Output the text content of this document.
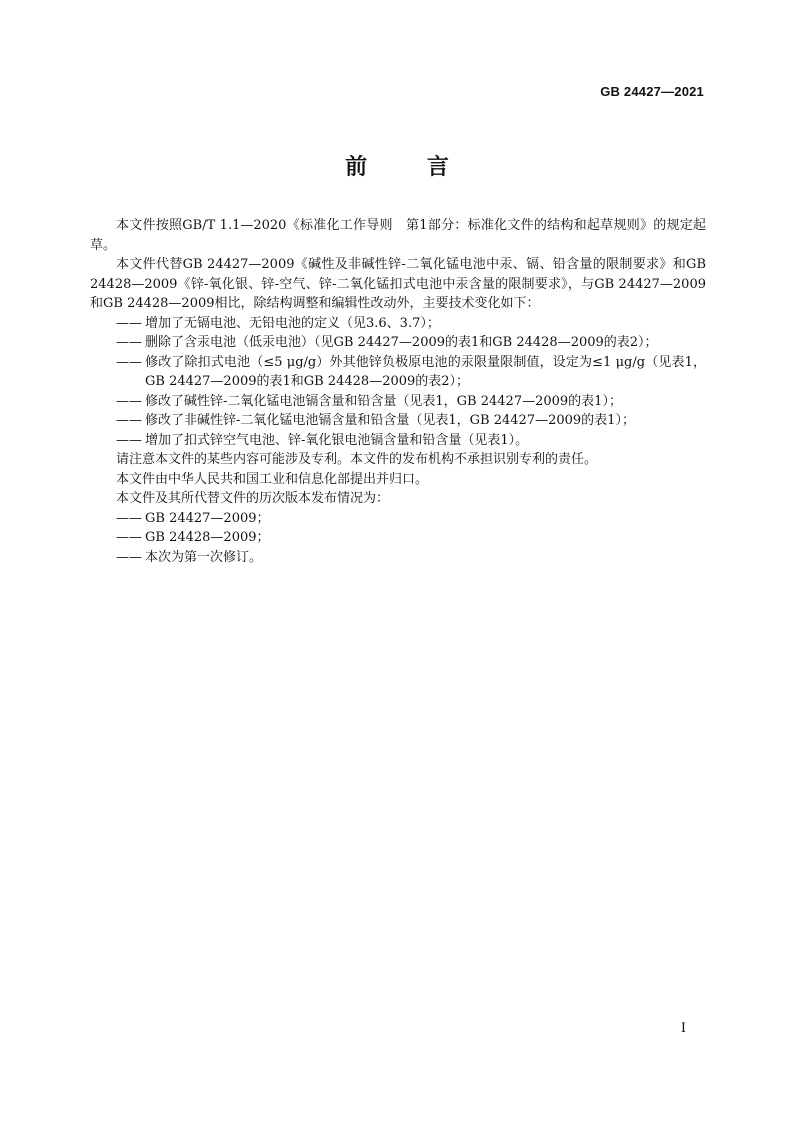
GB 24427—2021
前 言

本文件按照GB/T 1.1—2020《标准化工作导则　第1部分：标准化文件的结构和起草规则》的规定起草。

本文件代替GB 24427—2009《碱性及非碱性锌-二氧化锰电池中汞、镉、铅含量的限制要求》和GB 24428—2009《锌-氧化银、锌-空气、锌-二氧化锰扣式电池中汞含量的限制要求》，与GB 24427—2009和GB 24428—2009相比，除结构调整和编辑性改动外，主要技术变化如下：

—— 增加了无镉电池、无铅电池的定义（见3.6、3.7）；

—— 删除了含汞电池（低汞电池）（见GB 24427—2009的表1和GB 24428—2009的表2）；

—— 修改了除扣式电池（≤5 μg/g）外其他锌负极原电池的汞限量限制值，设定为≤1 μg/g（见表1，GB 24427—2009的表1和GB 24428—2009的表2）；

—— 修改了碱性锌-二氧化锰电池镉含量和铅含量（见表1，GB 24427—2009的表1）；

—— 修改了非碱性锌-二氧化锰电池镉含量和铅含量（见表1，GB 24427—2009的表1）；

—— 增加了扣式锌空气电池、锌-氧化银电池镉含量和铅含量（见表1）。

请注意本文件的某些内容可能涉及专利。本文件的发布机构不承担识别专利的责任。

本文件由中华人民共和国工业和信息化部提出并归口。

本文件及其所代替文件的历次版本发布情况为：

—— GB 24427—2009；

—— GB 24428—2009；

—— 本次为第一次修订。

I
